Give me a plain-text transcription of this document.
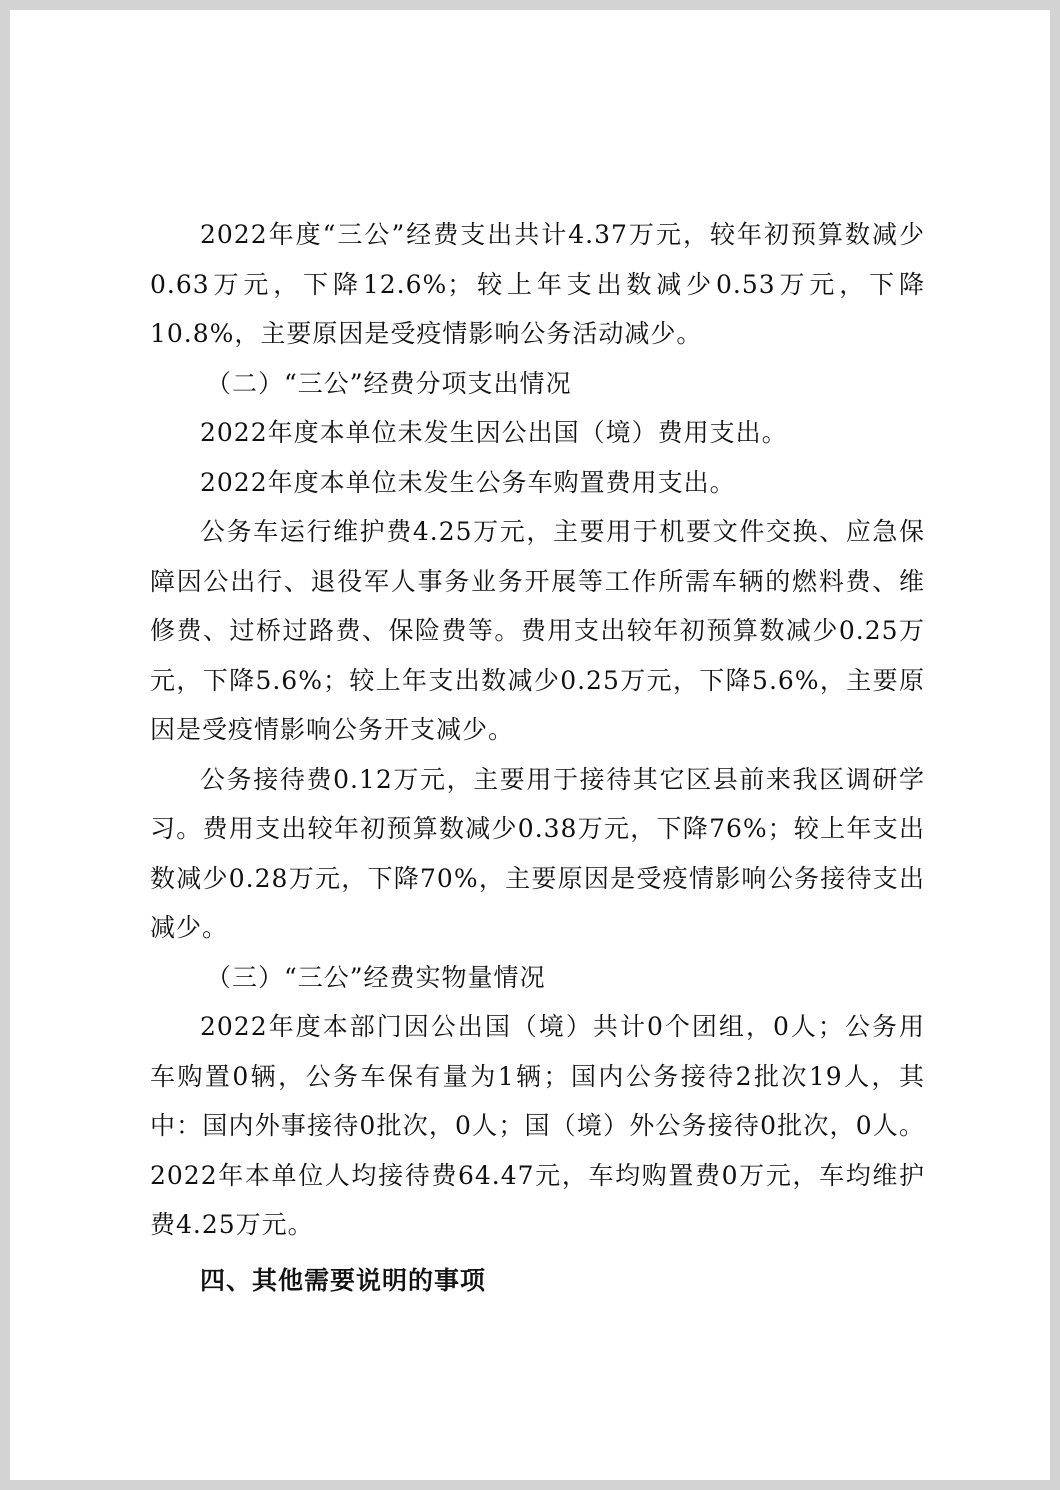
2022年度“三公”经费支出共计4.37万元，较年初预算数减少0.63万元，下降12.6%；较上年支出数减少0.53万元，下降10.8%，主要原因是受疫情影响公务活动减少。

（二）“三公”经费分项支出情况

2022年度本单位未发生因公出国（境）费用支出。

2022年度本单位未发生公务车购置费用支出。

公务车运行维护费4.25万元，主要用于机要文件交换、应急保障因公出行、退役军人事务业务开展等工作所需车辆的燃料费、维修费、过桥过路费、保险费等。费用支出较年初预算数减少0.25万元，下降5.6%；较上年支出数减少0.25万元，下降5.6%，主要原因是受疫情影响公务开支减少。

公务接待费0.12万元，主要用于接待其它区县前来我区调研学习。费用支出较年初预算数减少0.38万元，下降76%；较上年支出数减少0.28万元，下降70%，主要原因是受疫情影响公务接待支出减少。

（三）“三公”经费实物量情况

2022年度本部门因公出国（境）共计0个团组，0人；公务用车购置0辆，公务车保有量为1辆；国内公务接待2批次19人，其中：国内外事接待0批次，0人；国（境）外公务接待0批次，0人。2022年本单位人均接待费64.47元，车均购置费0万元，车均维护费4.25万元。

四、其他需要说明的事项
